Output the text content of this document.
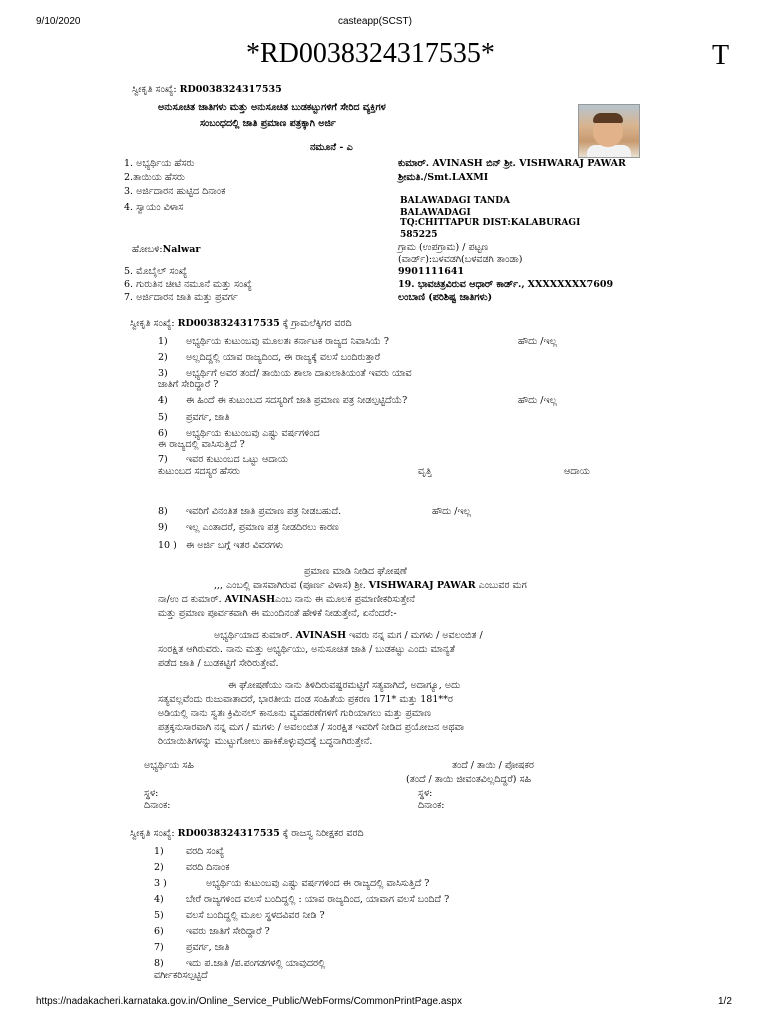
9/10/2020	casteapp(SCST)
*RD0038324317535*	T
ಸ್ವೀಕೃತಿ ಸಂಖ್ಯೆ: RD0038324317535
ಅನುಸೂಚಿತ ಜಾತಿಗಳು ಮತ್ತು ಅನುಸೂಚಿತ ಬುಡಕಟ್ಟುಗಳಿಗೆ ಸೇರಿದ ವ್ಯಕ್ತಿಗಳ
ಸಂಬಂಧದಲ್ಲಿ ಜಾತಿ ಪ್ರಮಾಣ ಪತ್ರಕ್ಕಾಗಿ ಅರ್ಜಿ
ನಮೂನೆ - ಎ
1. ಅಭ್ಯರ್ಥಿಯ ಹೆಸರು	ಕುಮಾರ್. AVINASH ಬಿನ್ ಶ್ರೀ. VISHWARAJ PAWAR
2.ತಾಯಿಯ ಹೆಸರು	ಶ್ರೀಮತಿ./Smt.LAXMI
3. ಅರ್ಜಿದಾರನ ಹುಟ್ಟಿದ ದಿನಾಂಕ
4. ಸ್ವಾಯಂ ವಿಳಾಸ
BALAWADAGI TANDA
BALAWADAGI
TQ:CHITTAPUR DIST:KALABURAGI
585225
ಹೋಬಳಿ:Nalwar	ಗ್ರಾಮ (ಉಪಗ್ರಾಮ) / ಪಟ್ಟಣ
(ವಾರ್ಡ್):ಬಳವಡಗಿ(ಬಳವಡಗಿ ತಾಂಡಾ)
5. ಮೊಬೈಲ್ ಸಂಖ್ಯೆ	9901111641
6. ಗುರುತಿನ ಚೀಟಿ ನಮೂನೆ ಮತ್ತು ಸಂಖ್ಯೆ	19. ಭಾವಚಿತ್ರವಿರುವ ಆಧಾರ್ ಕಾರ್ಡ್., XXXXXXXX7609
7. ಅರ್ಜಿದಾರನ ಜಾತಿ ಮತ್ತು ಪ್ರವರ್ಗ	ಲಂಬಾಣಿ (ಪರಿಶಿಷ್ಟ ಜಾತಿಗಳು)
ಸ್ವೀಕೃತಿ ಸಂಖ್ಯೆ: RD0038324317535 ಕ್ಕೆ ಗ್ರಾಮಲೆಕ್ಕಿಗರ ವರದಿ
1) ಅಭ್ಯರ್ಥಿಯ ಕುಟುಂಬವು ಮೂಲತಃ ಕರ್ನಾಟಕ ರಾಜ್ಯದ ನಿವಾಸಿಯೆ ?	ಹೌದು /ಇಲ್ಲ
2) ಅಲ್ಲದಿದ್ದಲ್ಲಿ ಯಾವ ರಾಜ್ಯದಿಂದ, ಈ ರಾಜ್ಯಕ್ಕೆ ವಲಸೆ ಬಂದಿರುತ್ತಾರೆ
3) ಅಭ್ಯರ್ಥಿಗೆ ಅವರ ತಂದೆ/ ತಾಯಿಯ ಶಾಲಾ ದಾಖಲಾತಿಯಂತೆ ಇವರು ಯಾವ
ಜಾತಿಗೆ ಸೇರಿದ್ದಾರೆ ?
4) ಈ ಹಿಂದೆ ಈ ಕುಟುಂಬದ ಸದಸ್ಯರಿಗೆ ಜಾತಿ ಪ್ರಮಾಣ ಪತ್ರ ನೀಡಲ್ಪಟ್ಟಿದೆಯೆ?	ಹೌದು /ಇಲ್ಲ
5) ಪ್ರವರ್ಗ, ಜಾತಿ
6) ಅಭ್ಯರ್ಥಿಯ ಕುಟುಂಬವು ಎಷ್ಟು ವರ್ಷಗಳಿಂದ
ಈ ರಾಜ್ಯದಲ್ಲಿ ವಾಸಿಸುತ್ತಿದೆ ?
7) ಇವರ ಕುಟುಂಬದ ಒಟ್ಟು ಆದಾಯ
ಕುಟುಂಬದ ಸದಸ್ಯರ ಹೆಸರು	ವೃತ್ತಿ	ಆದಾಯ
8) ಇವರಿಗೆ ವಿನಂತಿತ ಜಾತಿ ಪ್ರಮಾಣ ಪತ್ರ ನೀಡಬಹುದೆ.	ಹೌದು /ಇಲ್ಲ
9) ಇಲ್ಲ ಎಂತಾದರೆ, ಪ್ರಮಾಣ ಪತ್ರ ನೀಡದಿರಲು ಕಾರಣ
10 ) ಈ ಅರ್ಜಿ ಬಗ್ಗೆ ಇತರ ವಿವರಗಳು
ಪ್ರಮಾಣ ಮಾಡಿ ನೀಡಿದ ಘೋಷಣೆ
,,, ಎಂಬಲ್ಲಿ ವಾಸವಾಗಿರುವ (ಪೂರ್ಣ ವಿಳಾಸ) ಶ್ರೀ. VISHWARAJ PAWAR ಎಂಬುವರ ಮಗ
ನಾ/ಉ ದ ಕುಮಾರ್. AVINASHಎಂಬ ನಾನು ಈ ಮೂಲಕ ಪ್ರಮಾಣೀಕರಿಸುತ್ತೇನೆ
ಮತ್ತು ಪ್ರಮಾಣ ಪೂರ್ವಕವಾಗಿ ಈ ಮುಂದಿನಂತೆ ಹೇಳಿಕೆ ನೀಡುತ್ತೇನೆ, ಏನೆಂದರೆ:-
ಅಭ್ಯರ್ಥಿಯಾದ ಕುಮಾರ್. AVINASH ಇವರು ನನ್ನ ಮಗ / ಮಗಳು / ಅವಲಂಬಿತ /
ಸಂರಕ್ಷಿತ ಆಗಿರುವರು. ನಾನು ಮತ್ತು ಅಭ್ಯರ್ಥಿಯು, ಅನುಸೂಚಿತ ಜಾತಿ / ಬುಡಕಟ್ಟು ಎಂದು ಮಾನ್ಯತೆ
ಪಡೆದ ಜಾತಿ / ಬುಡಕಟ್ಟಿಗೆ ಸೇರಿರುತ್ತೇವೆ.
ಈ ಘೋಷಣೆಯು ನಾನು ತಿಳಿದಿರುವಷ್ಟರಮಟ್ಟಿಗೆ ಸತ್ಯವಾಗಿದೆ, ಅದಾಗ್ಯೂ, ಅದು
ಸತ್ಯವಲ್ಲವೆಂದು ರುಜುವಾತಾದರೆ, ಭಾರತೀಯ ದಂಡ ಸಂಹಿತೆಯ ಪ್ರಕರಣ 171* ಮತ್ತು 181**ರ
ಅಡಿಯಲ್ಲಿ ನಾನು ಸ್ವತಃ ಕ್ರಿಮಿನಲ್ ಕಾನೂನು ವ್ಯವಹರಣೆಗಳಿಗೆ ಗುರಿಯಾಗಲು ಮತ್ತು ಪ್ರಮಾಣ
ಪತ್ರಕ್ಕನುಸಾರವಾಗಿ ನನ್ನ ಮಗ / ಮಗಳು / ಅವಲಂಬಿತ / ಸಂರಕ್ಷಿತ ಇವರಿಗೆ ನೀಡಿದ ಪ್ರಯೋಜನ ಅಥವಾ
ರಿಯಾಯಿತಿಗಳನ್ನು ಮುಟ್ಟುಗೋಲು ಹಾಕಿಕೊಳ್ಳುವುದಕ್ಕೆ ಬದ್ಧನಾಗಿರುತ್ತೇನೆ.
ಅಭ್ಯರ್ಥಿಯ ಸಹಿ	ತಂದೆ / ತಾಯಿ / ಪೋಷಕರ
(ತಂದೆ / ತಾಯಿ ಜೀವಂತವಿಲ್ಲದಿದ್ದರೆ) ಸಹಿ
ಸ್ಥಳ:	ಸ್ಥಳ:
ದಿನಾಂಕ:	ದಿನಾಂಕ:
ಸ್ವೀಕೃತಿ ಸಂಖ್ಯೆ: RD0038324317535 ಕ್ಕೆ ರಾಜಸ್ವ ನಿರೀಕ್ಷಕರ ವರದಿ
1) ವರದಿ ಸಂಖ್ಯೆ
2) ವರದಿ ದಿನಾಂಕ
3 )	ಅಭ್ಯರ್ಥಿಯ ಕುಟುಂಬವು ಎಷ್ಟು ವರ್ಷಗಳಿಂದ ಈ ರಾಜ್ಯದಲ್ಲಿ ವಾಸಿಸುತ್ತಿದೆ ?
4) ಬೇರೆ ರಾಜ್ಯಗಳಿಂದ ವಲಸೆ ಬಂದಿದ್ದಲ್ಲಿ : ಯಾವ ರಾಜ್ಯದಿಂದ, ಯಾವಾಗ ವಲಸೆ ಬಂದಿದೆ ?
5) ವಲಸೆ ಬಂದಿದ್ದಲ್ಲಿ ಮೂಲ ಸ್ಥಳದವಿವರ ನೀಡಿ ?
6) ಇವರು ಜಾತಿಗೆ ಸೇರಿದ್ದಾರೆ ?
7) ಪ್ರವರ್ಗ, ಜಾತಿ
8) ಇದು ಪ.ಜಾತಿ /ಪ.ಪಂಗಡಗಳಲ್ಲಿ ಯಾವುದರಲ್ಲಿ
ವರ್ಗೀಕರಿಸಲ್ಪಟ್ಟಿದೆ
https://nadakacheri.karnataka.gov.in/Online_Service_Public/WebForms/CommonPrintPage.aspx	1/2
